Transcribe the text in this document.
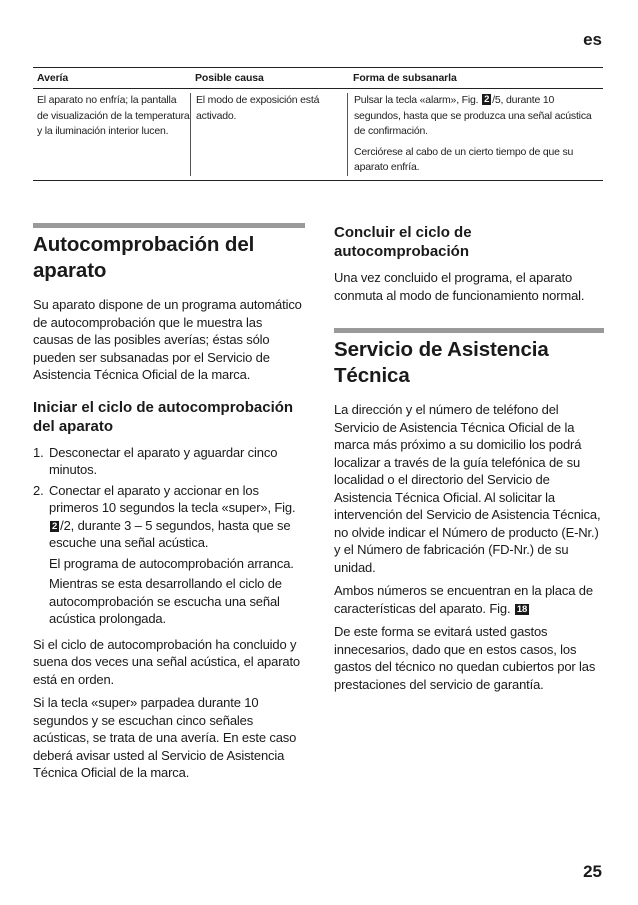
es
Avería	Posible causa	Forma de subsanarla
El aparato no enfría; la pantalla de visualización de la temperatura y la iluminación interior lucen.
El modo de exposición está activado.

Pulsar la tecla «alarm», Fig. 2 /5, durante 10 segundos, hasta que se produzca una señal acústica de confirmación.

Cerciórese al cabo de un cierto tiempo de que su aparato enfría.

Autocomprobación del aparato

Su aparato dispone de un programa automático de autocomprobación que le muestra las causas de las posibles averías; éstas sólo pueden ser subsanadas por el Servicio de Asistencia Técnica Oficial de la marca.

Iniciar el ciclo de autocomprobación del aparato
1. Desconectar el aparato y aguardar cinco minutos.
2. Conectar el aparato y accionar en los primeros 10 segundos la tecla «super», Fig. 2 /2, durante 3 – 5 segundos, hasta que se escuche una señal acústica.

El programa de autocomprobación arranca.

Mientras se esta desarrollando el ciclo de autocomprobación se escucha una señal acústica prolongada.

Si el ciclo de autocomprobación ha concluido y suena dos veces una señal acústica, el aparato está en orden.

Si la tecla «super» parpadea durante 10 segundos y se escuchan cinco señales acústicas, se trata de una avería. En este caso deberá avisar usted al Servicio de Asistencia Técnica Oficial de la marca.

Concluir el ciclo de autocomprobación

Una vez concluido el programa, el aparato conmuta al modo de funcionamiento normal.

Servicio de Asistencia Técnica

La dirección y el número de teléfono del Servicio de Asistencia Técnica Oficial de la marca más próximo a su domicilio los podrá localizar a través de la guía telefónica de su localidad o el directorio del Servicio de Asistencia Técnica Oficial. Al solicitar la intervención del Servicio de Asistencia Técnica, no olvide indicar el Número de producto (E-Nr.) y el Número de fabricación (FD-Nr.) de su unidad.

Ambos números se encuentran en la placa de características del aparato. Fig. 18

De este forma se evitará usted gastos innecesarios, dado que en estos casos, los gastos del técnico no quedan cubiertos por las prestaciones del servicio de garantía.

25
